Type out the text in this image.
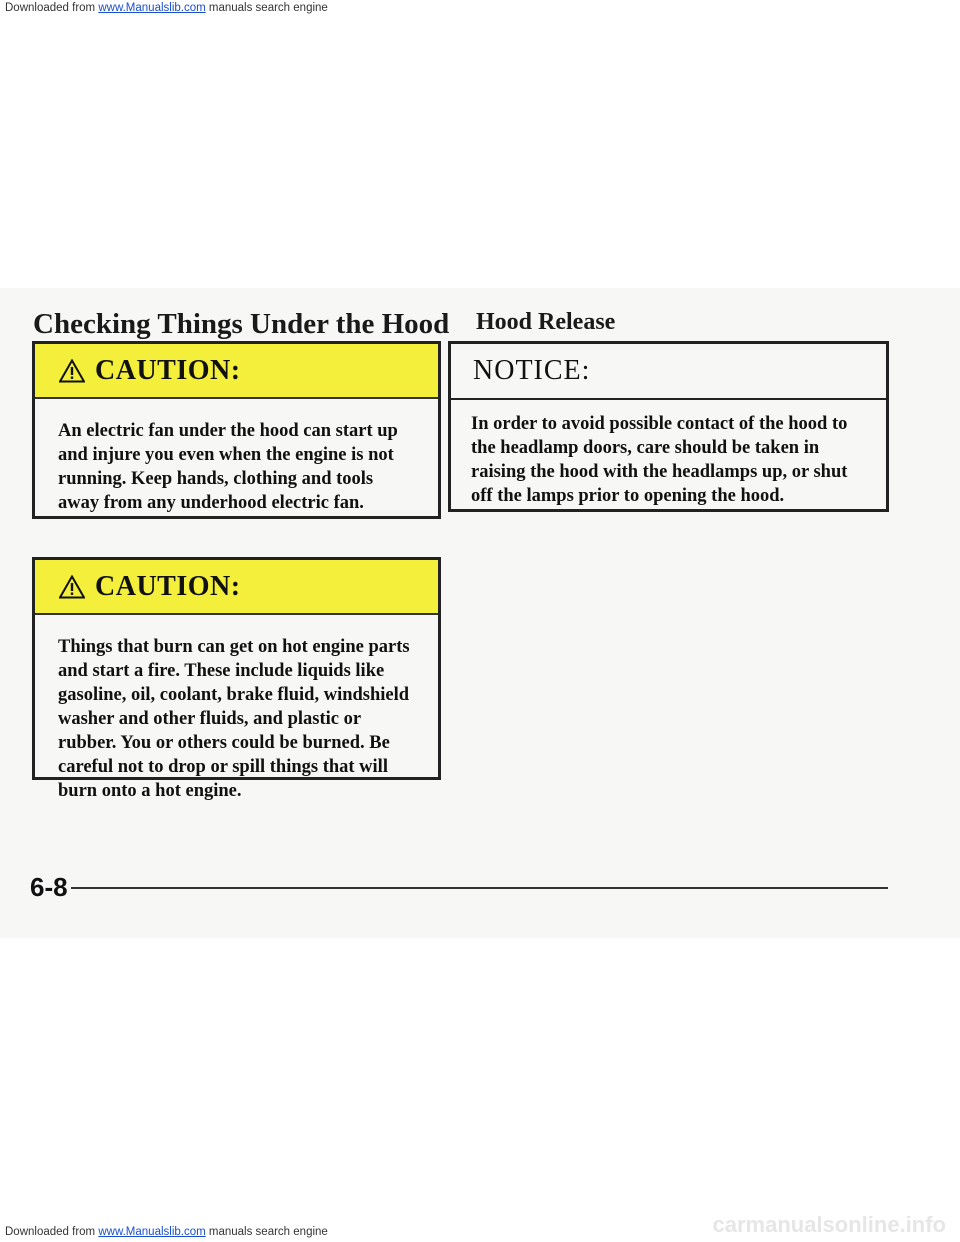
Downloaded from www.Manualslib.com manuals search engine
Checking Things Under the Hood Hood Release
CAUTION:
An electric fan under the hood can start up and injure you even when the engine is not running. Keep hands, clothing and tools away from any underhood electric fan.
CAUTION:
Things that burn can get on hot engine parts and start a fire. These include liquids like gasoline, oil, coolant, brake fluid, windshield washer and other fluids, and plastic or rubber. You or others could be burned. Be careful not to drop or spill things that will burn onto a hot engine.
NOTICE:
In order to avoid possible contact of the hood to the headlamp doors, care should be taken in raising the hood with the headlamps up, or shut off the lamps prior to opening the hood.
6-8
Downloaded from www.Manualslib.com manuals search engine	carmanualsonline.info
